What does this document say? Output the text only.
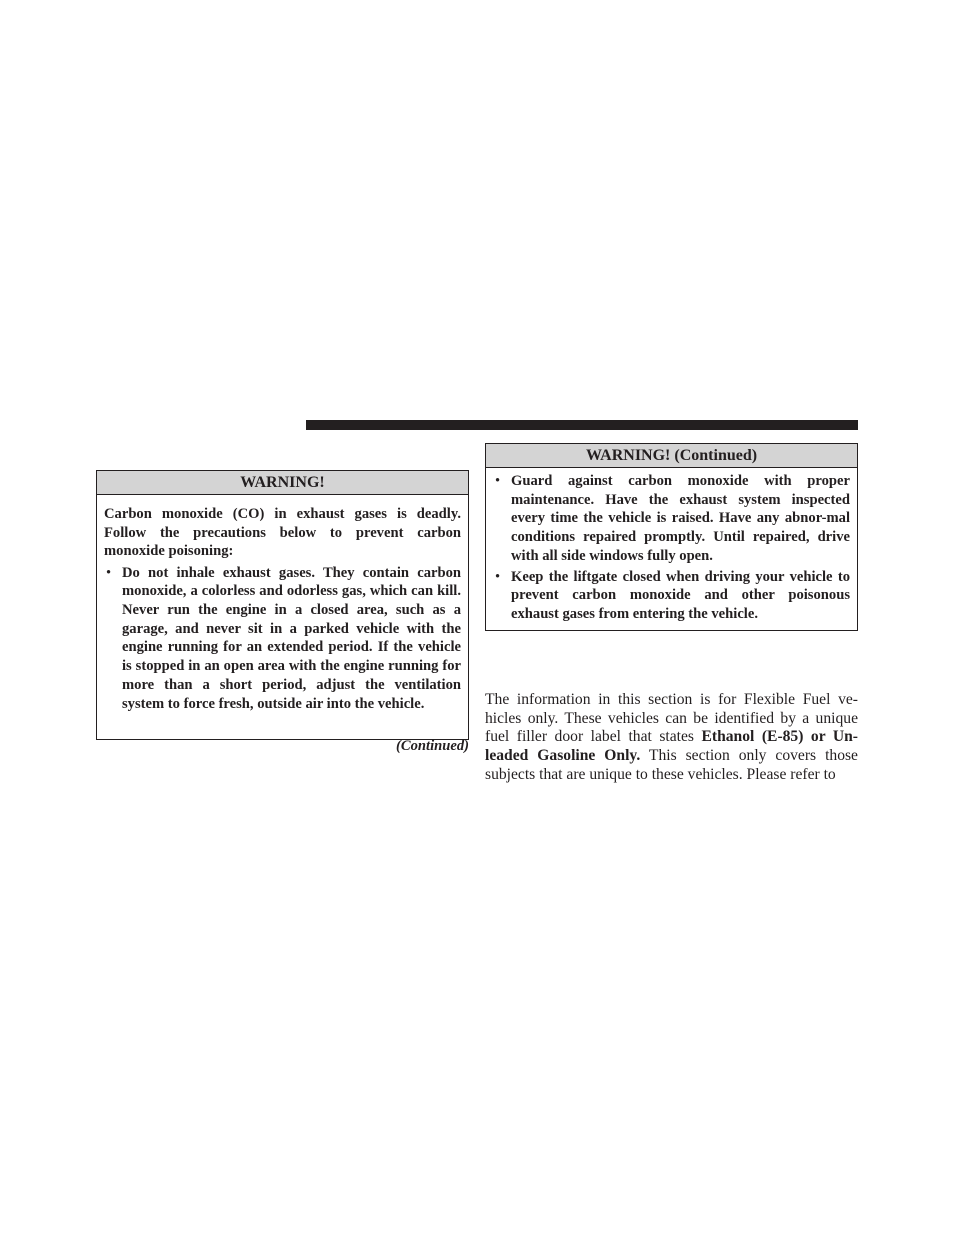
WARNING!

Carbon monoxide (CO) in exhaust gases is deadly. Follow the precautions below to prevent carbon monoxide poisoning:

• Do not inhale exhaust gases. They contain carbon monoxide, a colorless and odorless gas, which can kill. Never run the engine in a closed area, such as a garage, and never sit in a parked vehicle with the engine running for an extended period. If the vehicle is stopped in an open area with the engine running for more than a short period, adjust the ventilation system to force fresh, outside air into the vehicle.
(Continued)
WARNING! (Continued)
• Guard against carbon monoxide with proper maintenance. Have the exhaust system inspected every time the vehicle is raised. Have any abnor-mal conditions repaired promptly. Until repaired, drive with all side windows fully open.
• Keep the liftgate closed when driving your vehicle to prevent carbon monoxide and other poisonous exhaust gases from entering the vehicle.

The information in this section is for Flexible Fuel ve-hicles only. These vehicles can be identified by a unique fuel filler door label that states Ethanol (E-85) or Un-leaded Gasoline Only. This section only covers those subjects that are unique to these vehicles. Please refer to
